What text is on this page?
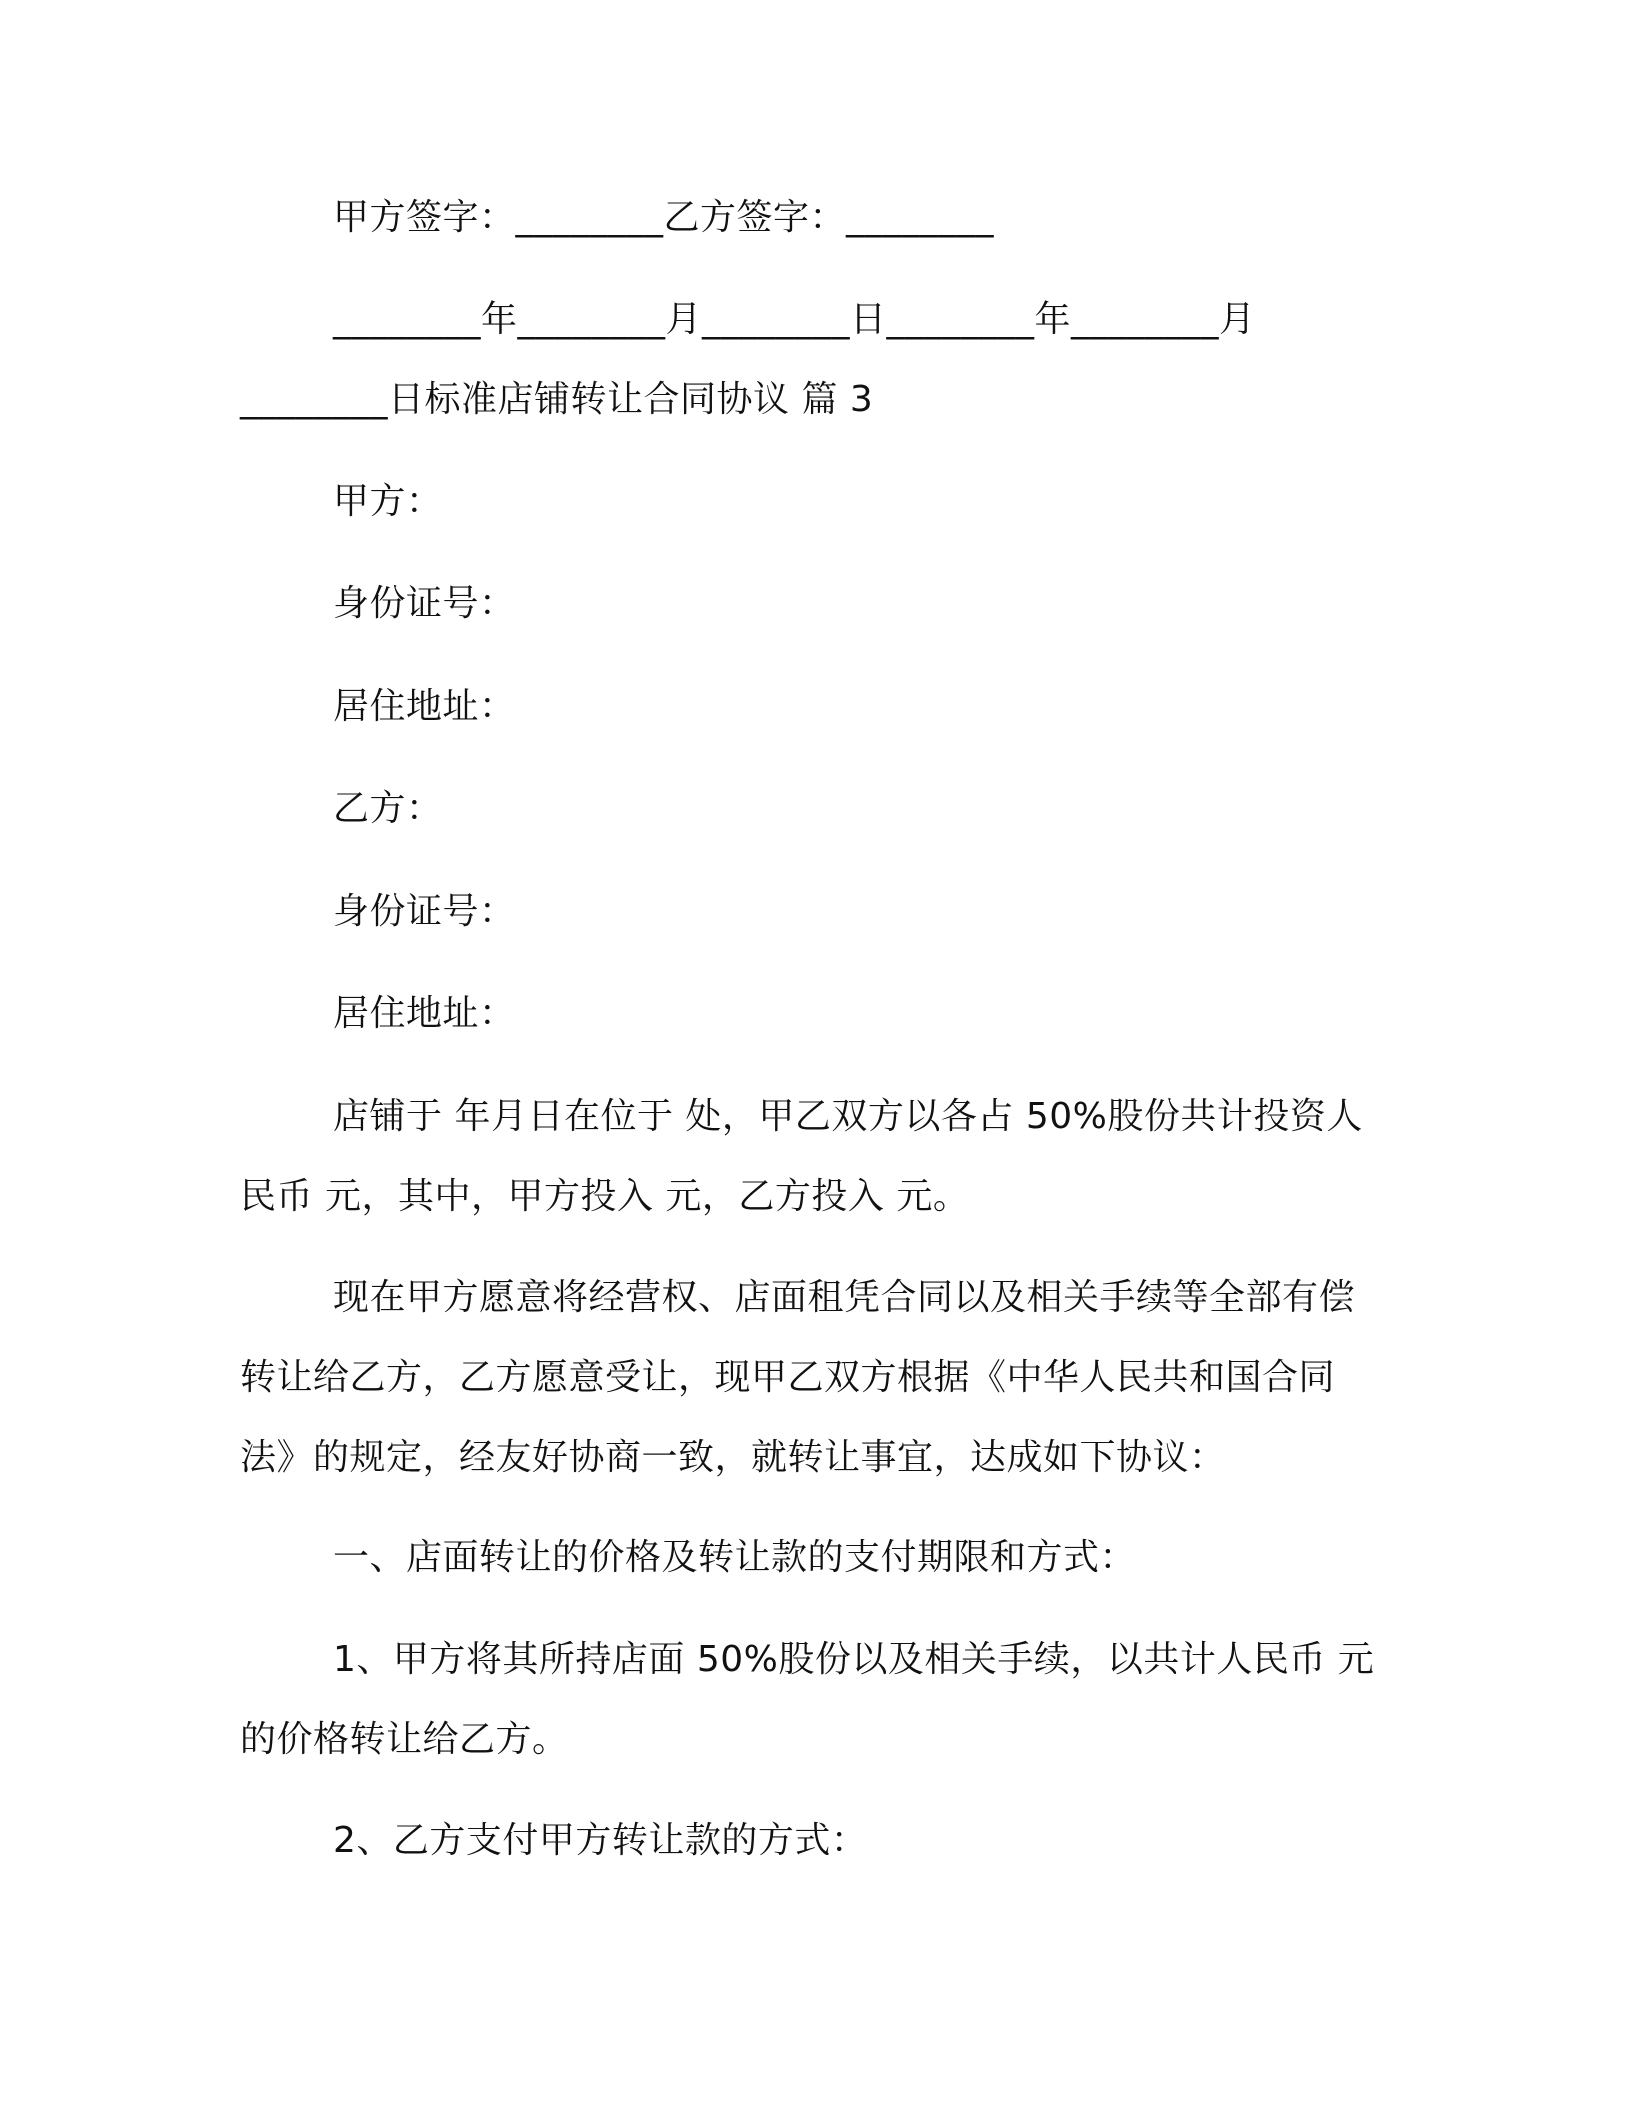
甲方签字：________乙方签字：________

________年________月________日________年________月

________日标准店铺转让合同协议 篇 3

甲方：

身份证号：

居住地址：

乙方：

身份证号：

居住地址：

店铺于 年月日在位于 处，甲乙双方以各占 50%股份共计投资人

民币 元，其中，甲方投入 元，乙方投入 元。

现在甲方愿意将经营权、店面租凭合同以及相关手续等全部有偿

转让给乙方，乙方愿意受让，现甲乙双方根据《中华人民共和国合同

法》的规定，经友好协商一致，就转让事宜，达成如下协议：

一、店面转让的价格及转让款的支付期限和方式：

1、甲方将其所持店面 50%股份以及相关手续，以共计人民币 元

的价格转让给乙方。

2、乙方支付甲方转让款的方式：
